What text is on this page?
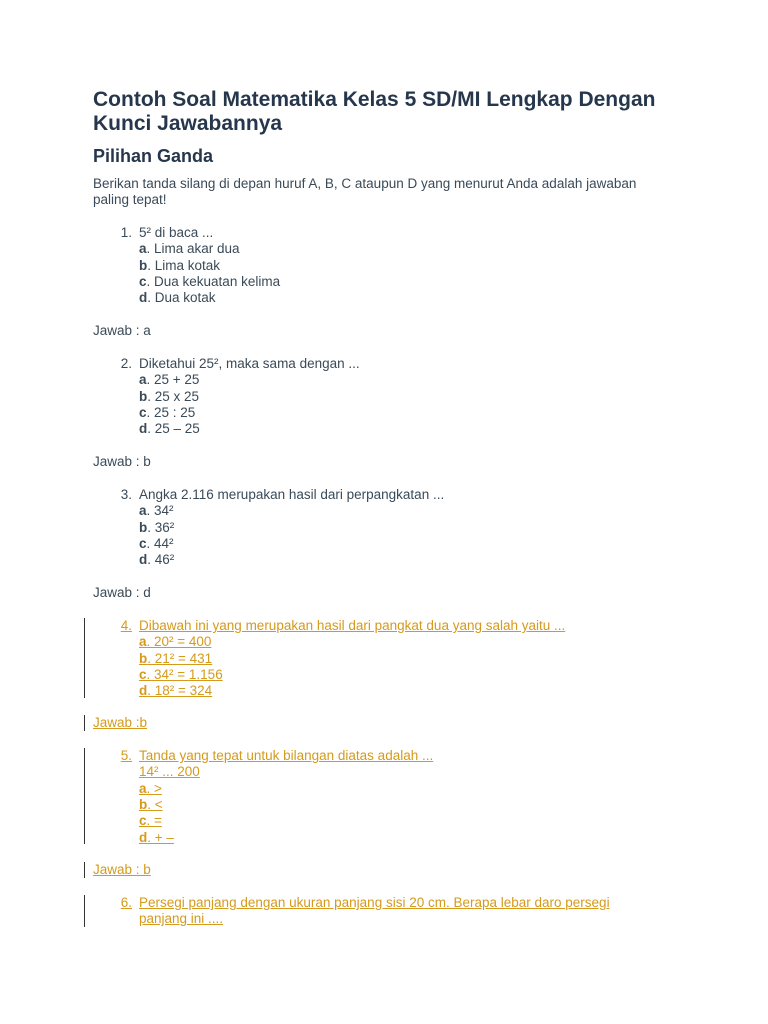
Contoh Soal Matematika Kelas 5 SD/MI Lengkap Dengan Kunci Jawabannya
Pilihan Ganda

Berikan tanda silang di depan huruf A, B, C ataupun D yang menurut Anda adalah jawaban paling tepat!

1. 5² di baca ...
a. Lima akar dua
b. Lima kotak
c. Dua kekuatan kelima
d. Dua kotak
Jawab : a
2. Diketahui 25², maka sama dengan ...
a. 25 + 25
b. 25 x 25
c. 25 : 25
d. 25 – 25
Jawab : b
3. Angka 2.116 merupakan hasil dari perpangkatan ...
a. 34²
b. 36²
c. 44²
d. 46²
Jawab : d
4. Dibawah ini yang merupakan hasil dari pangkat dua yang salah yaitu ...
a. 20² = 400
b. 21² = 431
c. 34² = 1.156
d. 18² = 324
Jawab :b
5. Tanda yang tepat untuk bilangan diatas adalah ...
14² ... 200
a. >
b. <
c. =
d. + –
Jawab : b
6. Persegi panjang dengan ukuran panjang sisi 20 cm. Berapa lebar daro persegi
panjang ini ....
